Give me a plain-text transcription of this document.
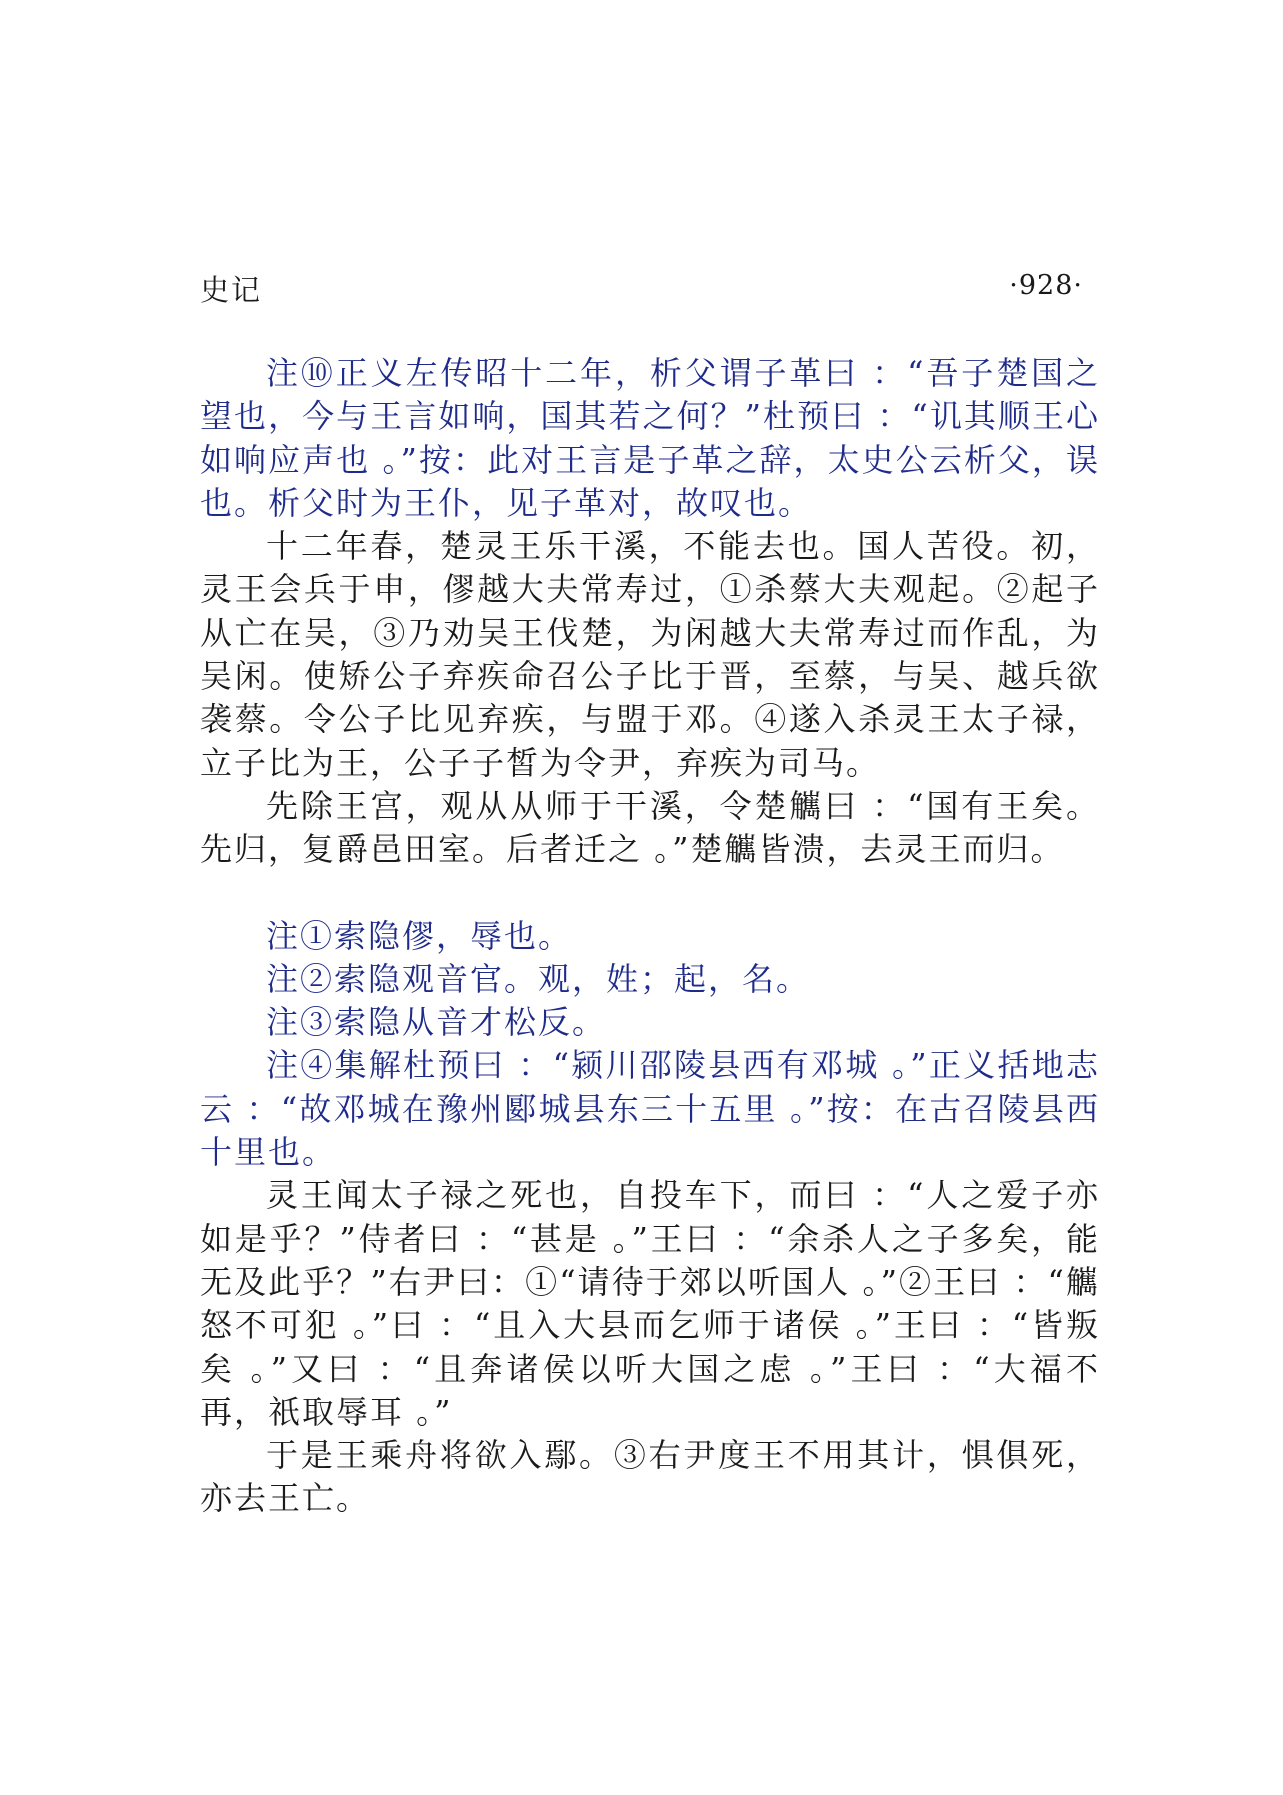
史记	·928·

注⑩正义左传昭十二年，析父谓子革曰 ：“吾子楚国之望也，今与王言如响，国其若之何？”杜预曰 ：“讥其顺王心如响应声也 。”按：此对王言是子革之辞，太史公云析父，误也。析父时为王仆，见子革对，故叹也。

十二年春，楚灵王乐干溪，不能去也。国人苦役。初，灵王会兵于申，僇越大夫常寿过，①杀蔡大夫观起。②起子从亡在吴，③乃劝吴王伐楚，为闲越大夫常寿过而作乱，为吴闲。使矫公子弃疾命召公子比于晋，至蔡，与吴、越兵欲袭蔡。令公子比见弃疾，与盟于邓。④遂入杀灵王太子禄，立子比为王，公子子皙为令尹，弃疾为司马。

先除王宫，观从从师于干溪，令楚觽曰 ：“国有王矣。先归，复爵邑田室。后者迁之 。”楚觽皆溃，去灵王而归。

注①索隐僇，辱也。

注②索隐观音官。观，姓；起，名。

注③索隐从音才松反。

注④集解杜预曰 ：“颍川邵陵县西有邓城 。”正义括地志云 ：“故邓城在豫州郾城县东三十五里 。”按：在古召陵县西十里也。

灵王闻太子禄之死也，自投车下，而曰 ：“人之爱子亦如是乎？”侍者曰 ：“甚是 。”王曰 ：“余杀人之子多矣，能无及此乎？”右尹曰：①“请待于郊以听国人 。”②王曰 ：“觽怒不可犯 。”曰 ：“且入大县而乞师于诸侯 。”王曰 ：“皆叛矣 。”又曰 ：“且奔诸侯以听大国之虑 。”王曰 ：“大福不再，祇取辱耳 。”

于是王乘舟将欲入鄢。③右尹度王不用其计，惧俱死，亦去王亡。
